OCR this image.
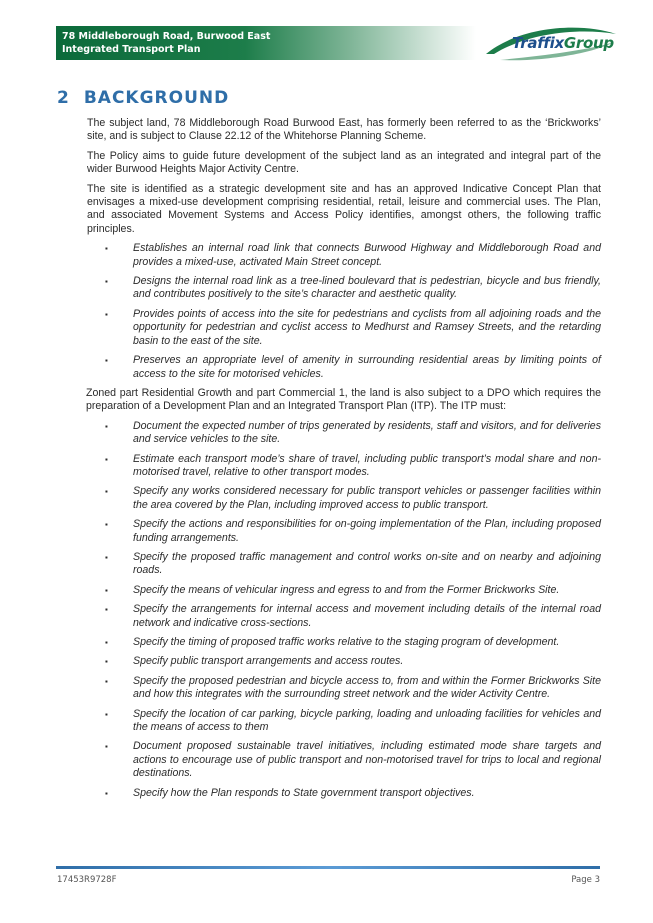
78 Middleborough Road, Burwood East
Integrated Transport Plan	TraffixGroup
2 BACKGROUND

The subject land, 78 Middleborough Road Burwood East, has formerly been referred to as the ‘Brickworks’ site, and is subject to Clause 22.12 of the Whitehorse Planning Scheme.

The Policy aims to guide future development of the subject land as an integrated and integral part of the wider Burwood Heights Major Activity Centre.

The site is identified as a strategic development site and has an approved Indicative Concept Plan that envisages a mixed-use development comprising residential, retail, leisure and commercial uses. The Plan, and associated Movement Systems and Access Policy identifies, amongst others, the following traffic principles.

▪ Establishes an internal road link that connects Burwood Highway and Middleborough Road and provides a mixed-use, activated Main Street concept.
▪ Designs the internal road link as a tree-lined boulevard that is pedestrian, bicycle and bus friendly, and contributes positively to the site’s character and aesthetic quality.
▪ Provides points of access into the site for pedestrians and cyclists from all adjoining roads and the opportunity for pedestrian and cyclist access to Medhurst and Ramsey Streets, and the retarding basin to the east of the site.
▪ Preserves an appropriate level of amenity in surrounding residential areas by limiting points of access to the site for motorised vehicles.

Zoned part Residential Growth and part Commercial 1, the land is also subject to a DPO which requires the preparation of a Development Plan and an Integrated Transport Plan (ITP). The ITP must:

▪ Document the expected number of trips generated by residents, staff and visitors, and for deliveries and service vehicles to the site.
▪ Estimate each transport mode’s share of travel, including public transport’s modal share and non-motorised travel, relative to other transport modes.
▪ Specify any works considered necessary for public transport vehicles or passenger facilities within the area covered by the Plan, including improved access to public transport.
▪ Specify the actions and responsibilities for on-going implementation of the Plan, including proposed funding arrangements.
▪ Specify the proposed traffic management and control works on-site and on nearby and adjoining roads.
▪ Specify the means of vehicular ingress and egress to and from the Former Brickworks Site.
▪ Specify the arrangements for internal access and movement including details of the internal road network and indicative cross-sections.
▪ Specify the timing of proposed traffic works relative to the staging program of development.
▪ Specify public transport arrangements and access routes.
▪ Specify the proposed pedestrian and bicycle access to, from and within the Former Brickworks Site and how this integrates with the surrounding street network and the wider Activity Centre.
▪ Specify the location of car parking, bicycle parking, loading and unloading facilities for vehicles and the means of access to them
▪ Document proposed sustainable travel initiatives, including estimated mode share targets and actions to encourage use of public transport and non-motorised travel for trips to local and regional destinations.
▪ Specify how the Plan responds to State government transport objectives.
17453R9728F	Page 3
